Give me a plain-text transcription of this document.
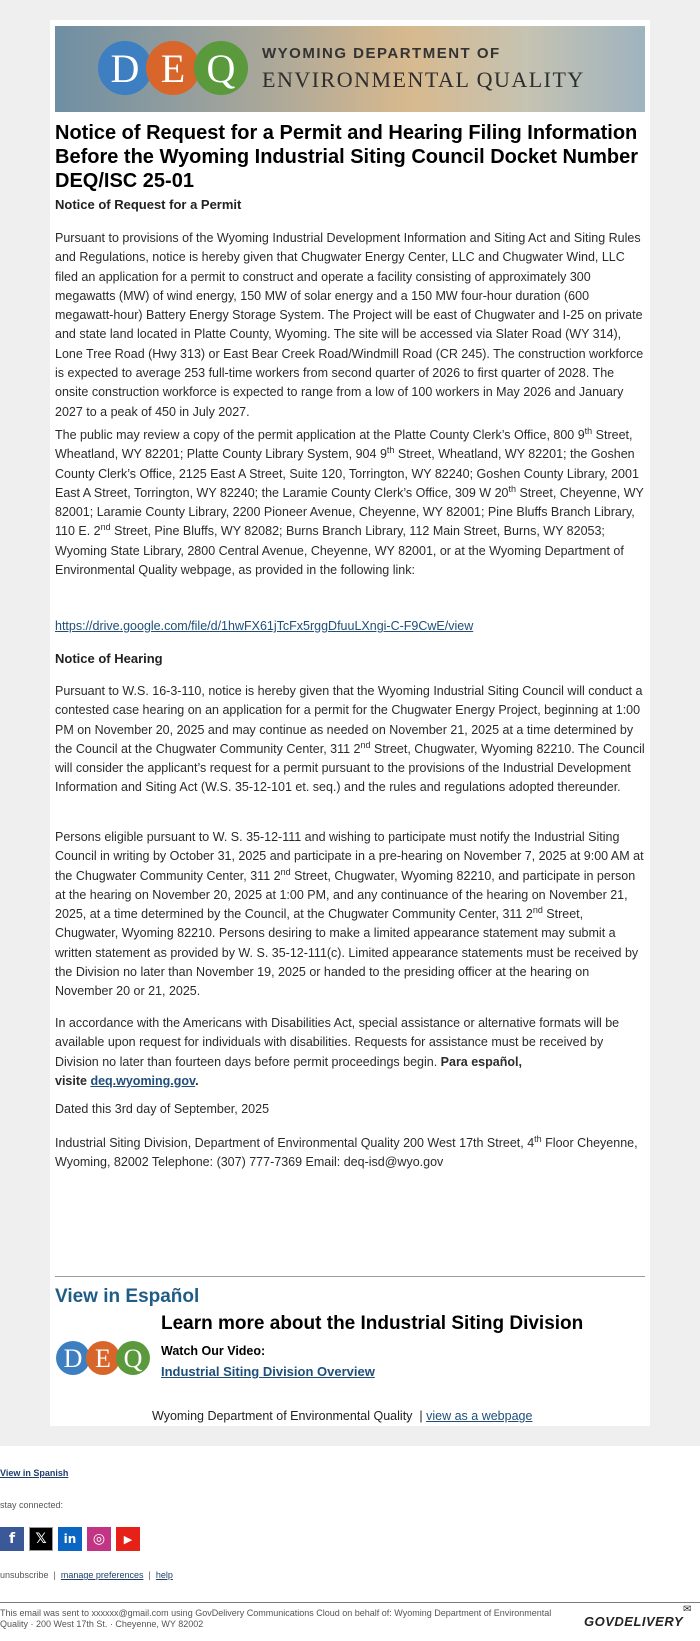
D E Q WYOMING DEPARTMENT OF
ENVIRONMENTAL QUALITY
Notice of Request for a Permit and Hearing Filing Information Before the Wyoming Industrial Siting Council Docket Number DEQ/ISC 25-01
Notice of Request for a Permit
Pursuant to provisions of the Wyoming Industrial Development Information and Siting Act and Siting Rules and Regulations, notice is hereby given that Chugwater Energy Center, LLC and Chugwater Wind, LLC filed an application for a permit to construct and operate a facility consisting of approximately 300 megawatts (MW) of wind energy, 150 MW of solar energy and a 150 MW four-hour duration (600 megawatt-hour) Battery Energy Storage System. The Project will be east of Chugwater and I-25 on private and state land located in Platte County, Wyoming. The site will be accessed via Slater Road (WY 314), Lone Tree Road (Hwy 313) or East Bear Creek Road/Windmill Road (CR 245). The construction workforce is expected to average 253 full-time workers from second quarter of 2026 to first quarter of 2028. The onsite construction workforce is expected to range from a low of 100 workers in May 2026 and January 2027 to a peak of 450 in July 2027.
The public may review a copy of the permit application at the Platte County Clerk’s Office, 800 9th Street, Wheatland, WY 82201; Platte County Library System, 904 9th Street, Wheatland, WY 82201; the Goshen County Clerk’s Office, 2125 East A Street, Suite 120, Torrington, WY 82240; Goshen County Library, 2001 East A Street, Torrington, WY 82240; the Laramie County Clerk’s Office, 309 W 20th Street, Cheyenne, WY 82001; Laramie County Library, 2200 Pioneer Avenue, Cheyenne, WY 82001; Pine Bluffs Branch Library, 110 E. 2nd Street, Pine Bluffs, WY 82082; Burns Branch Library, 112 Main Street, Burns, WY 82053; Wyoming State Library, 2800 Central Avenue, Cheyenne, WY 82001, or at the Wyoming Department of Environmental Quality webpage, as provided in the following link:
https://drive.google.com/file/d/1hwFX61jTcFx5rggDfuuLXngi-C-F9CwE/view
Notice of Hearing
Pursuant to W.S. 16-3-110, notice is hereby given that the Wyoming Industrial Siting Council will conduct a contested case hearing on an application for a permit for the Chugwater Energy Project, beginning at 1:00 PM on November 20, 2025 and may continue as needed on November 21, 2025 at a time determined by the Council at the Chugwater Community Center, 311 2nd Street, Chugwater, Wyoming 82210. The Council will consider the applicant’s request for a permit pursuant to the provisions of the Industrial Development Information and Siting Act (W.S. 35-12-101 et. seq.) and the rules and regulations adopted thereunder.
Persons eligible pursuant to W. S. 35-12-111 and wishing to participate must notify the Industrial Siting Council in writing by October 31, 2025 and participate in a pre-hearing on November 7, 2025 at 9:00 AM at the Chugwater Community Center, 311 2nd Street, Chugwater, Wyoming 82210, and participate in person at the hearing on November 20, 2025 at 1:00 PM, and any continuance of the hearing on November 21, 2025, at a time determined by the Council, at the Chugwater Community Center, 311 2nd Street, Chugwater, Wyoming 82210. Persons desiring to make a limited appearance statement may submit a written statement as provided by W. S. 35-12-111(c). Limited appearance statements must be received by the Division no later than November 19, 2025 or handed to the presiding officer at the hearing on November 20 or 21, 2025.
In accordance with the Americans with Disabilities Act, special assistance or alternative formats will be available upon request for individuals with disabilities. Requests for assistance must be received by Division no later than fourteen days before permit proceedings begin. Para español,
visite deq.wyoming.gov.
Dated this 3rd day of September, 2025
Industrial Siting Division, Department of Environmental Quality 200 West 17th Street, 4th Floor Cheyenne, Wyoming, 82002 Telephone: (307) 777-7369 Email: deq-isd@wyo.gov
View in Español
D E Q
Learn more about the Industrial Siting Division
Watch Our Video:
Industrial Siting Division Overview
Wyoming Department of Environmental Quality | view as a webpage
View in Spanish
stay connected:
f	𝕏	in	◎	▶
unsubscribe | manage preferences | help
This email was sent to xxxxxx@gmail.com using GovDelivery Communications Cloud on behalf of: Wyoming Department of Environmental Quality · 200 West 17th St. · Cheyenne, WY 82002	GOVDELIVERY
✉
